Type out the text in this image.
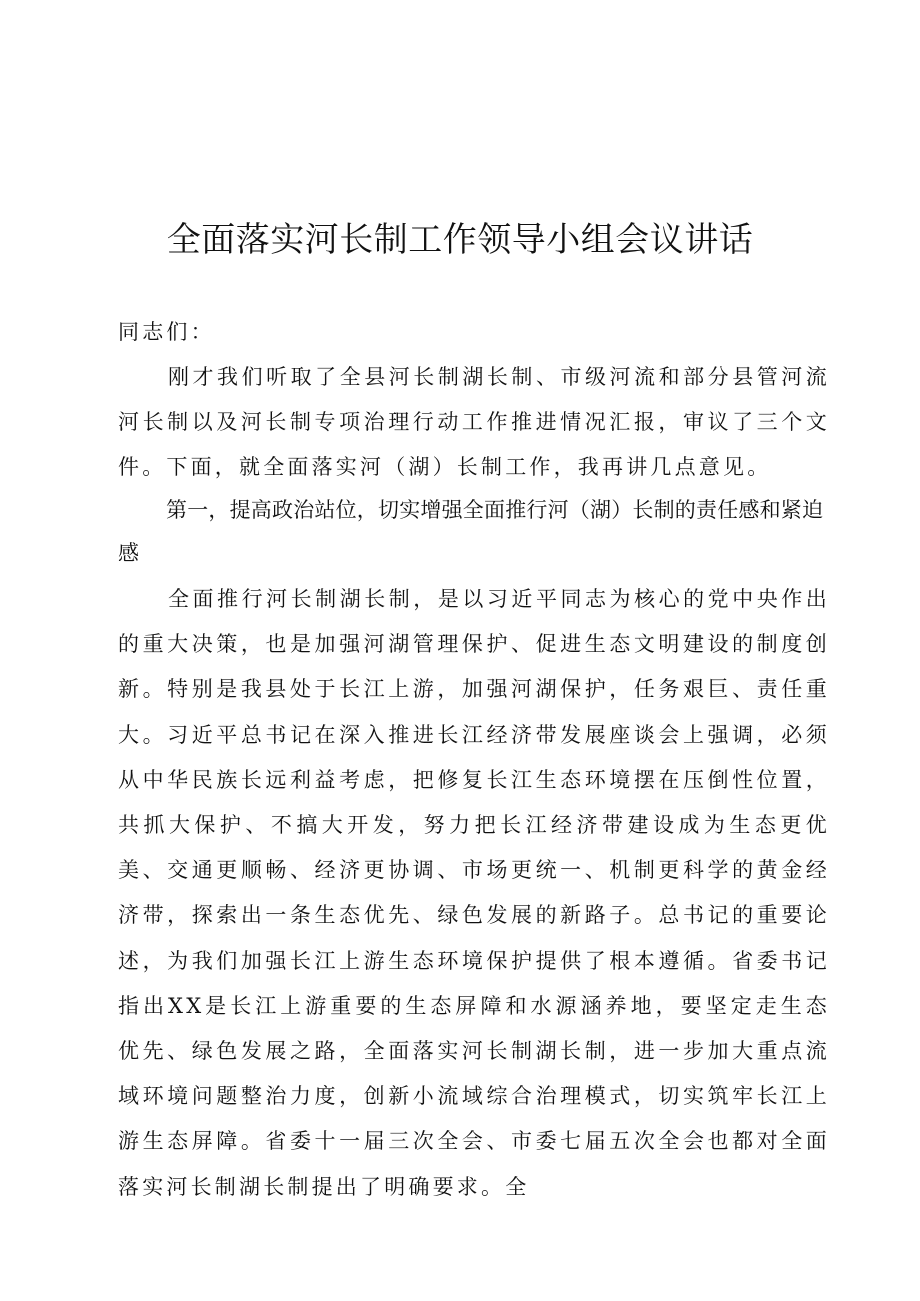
全面落实河长制工作领导小组会议讲话

同志们：

刚才我们听取了全县河长制湖长制、市级河流和部分县管河流河长制以及河长制专项治理行动工作推进情况汇报，审议了三个文件。下面，就全面落实河（湖）长制工作，我再讲几点意见。

第一，提高政治站位，切实增强全面推行河（湖）长制的责任感和紧迫感

全面推行河长制湖长制，是以习近平同志为核心的党中央作出的重大决策，也是加强河湖管理保护、促进生态文明建设的制度创新。特别是我县处于长江上游，加强河湖保护，任务艰巨、责任重大。习近平总书记在深入推进长江经济带发展座谈会上强调，必须从中华民族长远利益考虑，把修复长江生态环境摆在压倒性位置，共抓大保护、不搞大开发，努力把长江经济带建设成为生态更优美、交通更顺畅、经济更协调、市场更统一、机制更科学的黄金经济带，探索出一条生态优先、绿色发展的新路子。总书记的重要论述，为我们加强长江上游生态环境保护提供了根本遵循。省委书记指出XX是长江上游重要的生态屏障和水源涵养地，要坚定走生态优先、绿色发展之路，全面落实河长制湖长制，进一步加大重点流域环境问题整治力度，创新小流域综合治理模式，切实筑牢长江上游生态屏障。省委十一届三次全会、市委七届五次全会也都对全面落实河长制湖长制提出了明确要求。全
